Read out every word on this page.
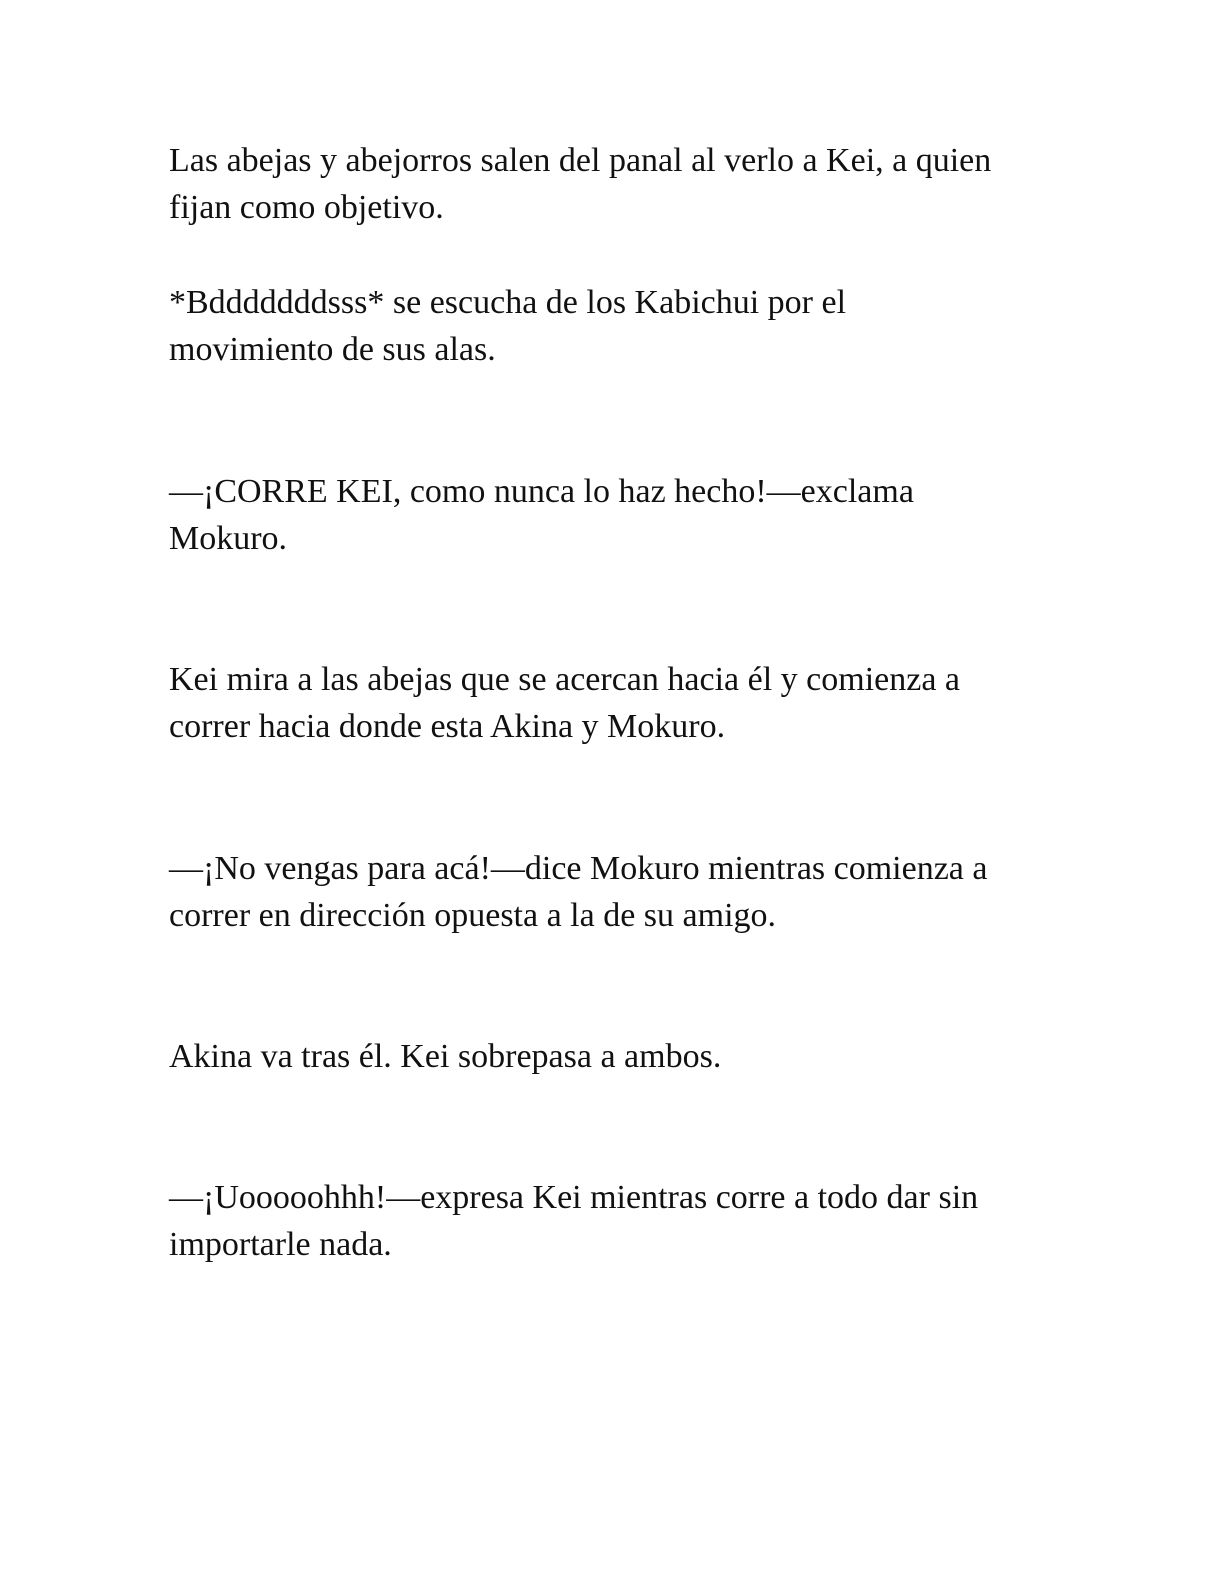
Las abejas y abejorros salen del panal al verlo a Kei, a quien
fijan como objetivo.

*Bdddddddsss* se escucha de los Kabichui por el
movimiento de sus alas.

—¡CORRE KEI, como nunca lo haz hecho!—exclama
Mokuro.

Kei mira a las abejas que se acercan hacia él y comienza a
correr hacia donde esta Akina y Mokuro.

—¡No vengas para acá!—dice Mokuro mientras comienza a
correr en dirección opuesta a la de su amigo.

Akina va tras él. Kei sobrepasa a ambos.

—¡Uooooohhh!—expresa Kei mientras corre a todo dar sin
importarle nada.
